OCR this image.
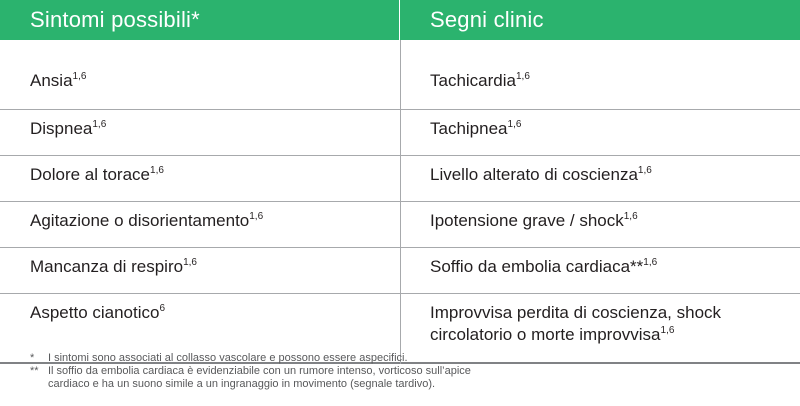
Sintomi possibili*	Segni clinic
Ansia$^{1,6}$	Tachicardia$^{1,6}$
Dispnea$^{1,6}$	Tachipnea$^{1,6}$
Dolore al torace$^{1,6}$	Livello alterato di coscienza$^{1,6}$
Agitazione o disorientamento$^{1,6}$	Ipotensione grave / shock$^{1,6}$
Mancanza di respiro$^{1,6}$	Soffio da embolia cardiaca**$^{1,6}$
Aspetto cianotico$^6$	Improvvisa perdita di coscienza, shock
circolatorio o morte improvvisa$^{1,6}$
*	I sintomi sono associati al collasso vascolare e possono essere aspecifici.
** Il soffio da embolia cardiaca è evidenziabile con un rumore intenso, vorticoso sull’apice
cardiaco e ha un suono simile a un ingranaggio in movimento (segnale tardivo).
